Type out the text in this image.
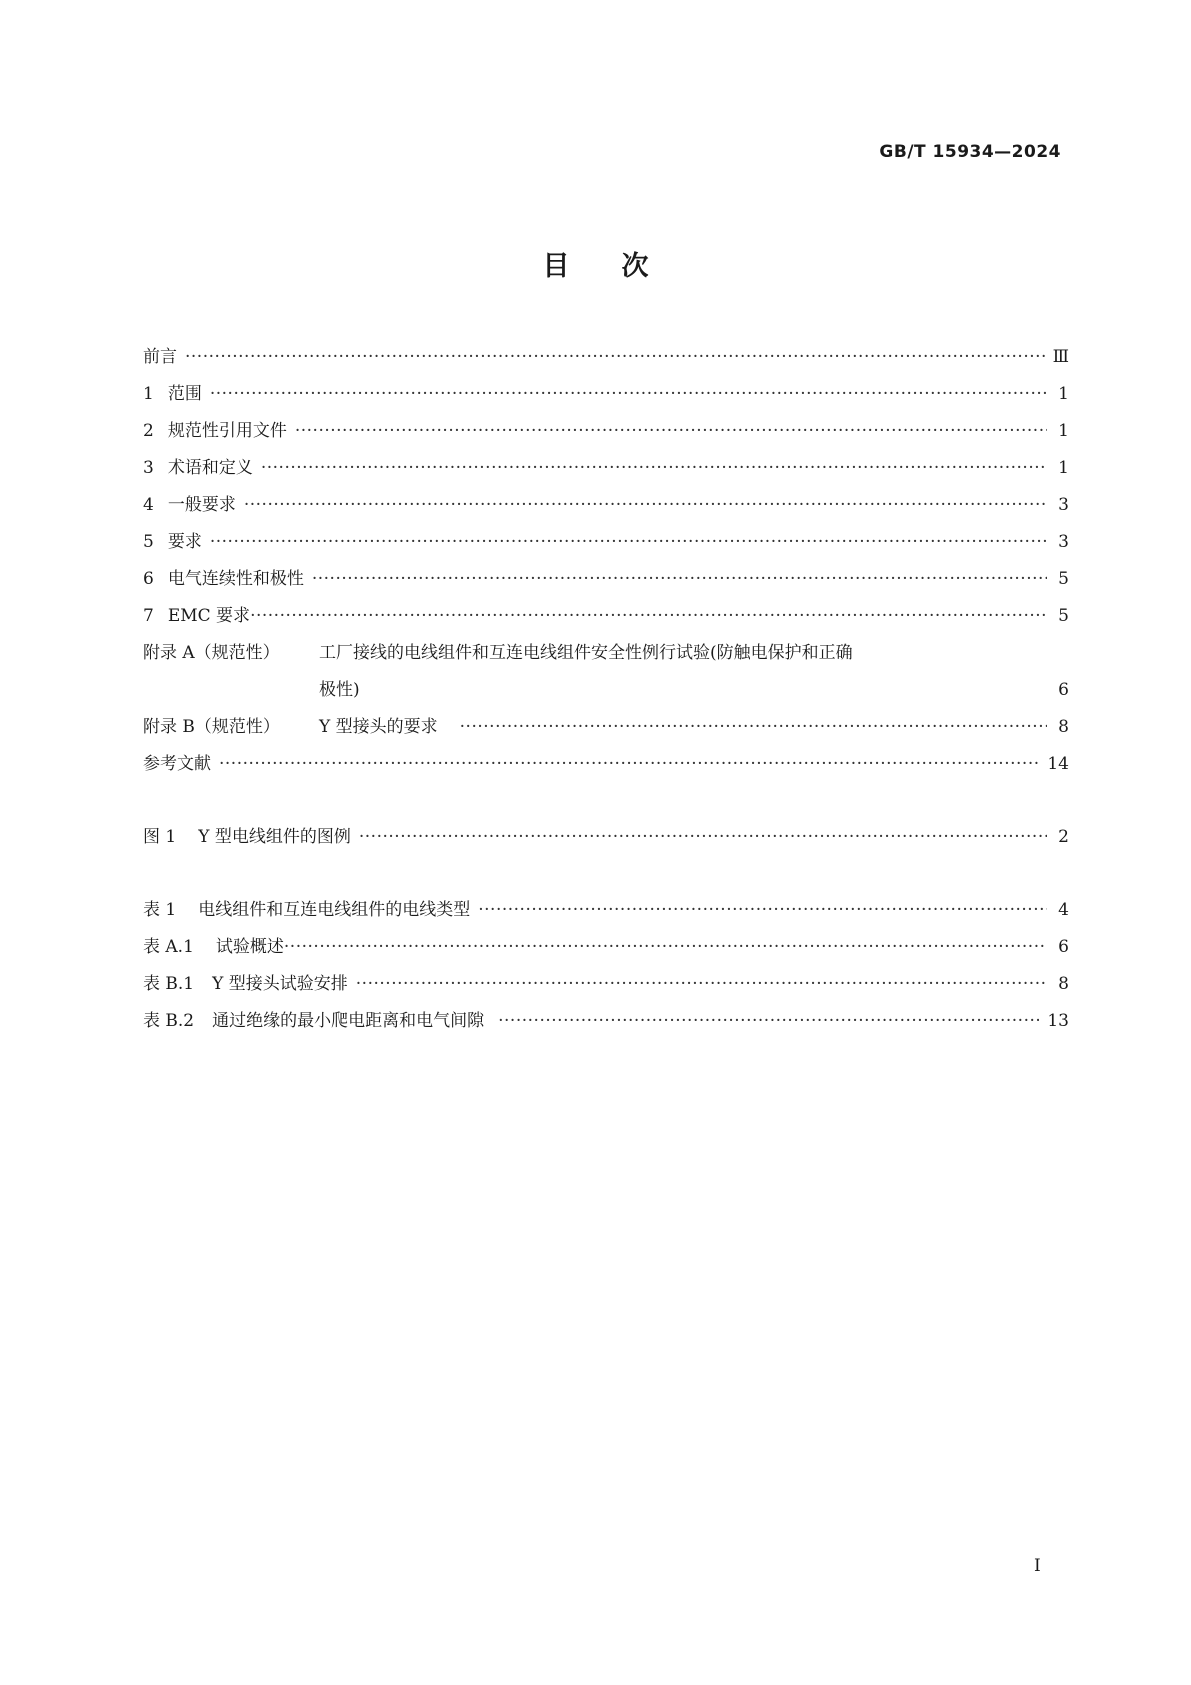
GB/T 15934—2024
目次
前言 ·····	Ⅲ
1 范围 ·····	1
2 规范性引用文件 ·····	1
3 术语和定义 ·····	1
4 一般要求 ·····	3
5 要求 ·····	3
6 电气连续性和极性 ·····	5
7 EMC 要求 ·····	5
附录 A（规范性）	工厂接线的电线组件和互连电线组件安全性例行试验(防触电保护和正确
极性)	6
附录 B（规范性） Y 型接头的要求 ·····	8
参考文献 ·····	14
图 1 Y 型电线组件的图例 ·····	2
表 1 电线组件和互连电线组件的电线类型 ·····	4
表 A.1 试验概述 ·····	6
表 B.1 Y 型接头试验安排 ·····	8
表 B.2 通过绝缘的最小爬电距离和电气间隙 ·····	13
I
